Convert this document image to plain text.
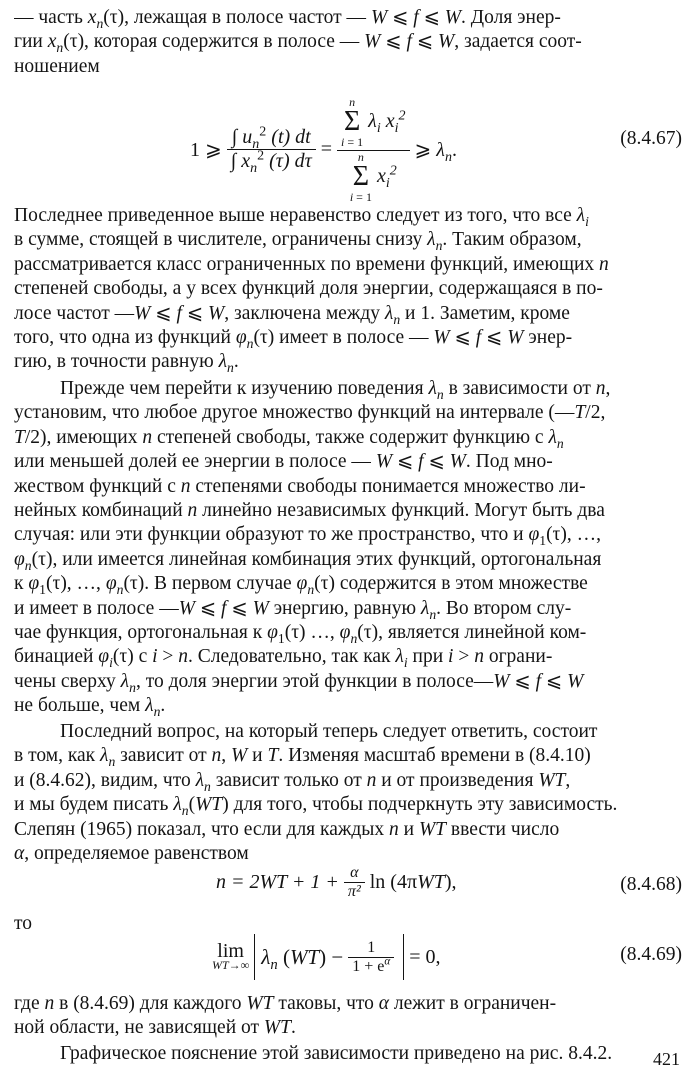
— часть $x_n(\tau)$, лежащая в полосе частот — W ⩽ f ⩽ W. Доля энер-
гии $x_n(\tau)$, которая содержится в полосе — W ⩽ f ⩽ W, задается соот-
ношением

1 ⩾ $\frac{\int u_n^2 (t) dt}{\int x_n^2 (\tau) d\tau}$ =
n
Σ
i = 1 $\lambda_i$ $x_i^2$
n
Σ
i = 1 $x_i^2$
⩾ $\lambda_n$.
(8.4.67)

Последнее приведенное выше неравенство следует из того, что все $\lambda_i$
в сумме, стоящей в числителе, ограничены снизу $\lambda_n$. Таким образом,
рассматривается класс ограниченных по времени функций, имеющих n
степеней свободы, а у всех функций доля энергии, содержащаяся в по-
лосе частот —W ⩽ f ⩽ W, заключена между $\lambda_n$ и 1. Заметим, кроме
того, что одна из функций $\varphi_n(\tau)$ имеет в полосе — W ⩽ f ⩽ W энер-
гию, в точности равную $\lambda_n$.

Прежде чем перейти к изучению поведения $\lambda_n$ в зависимости от n,
установим, что любое другое множество функций на интервале (—T/2,
T/2), имеющих n степеней свободы, также содержит функцию с $\lambda_n$
или меньшей долей ее энергии в полосе — W ⩽ f ⩽ W. Под мно-
жеством функций с n степенями свободы понимается множество ли-
нейных комбинаций n линейно независимых функций. Могут быть два
случая: или эти функции образуют то же пространство, что и $\varphi_1(\tau)$, …,
$\varphi_n(\tau)$, или имеется линейная комбинация этих функций, ортогональная
к $\varphi_1(\tau)$, …, $\varphi_n(\tau)$. В первом случае $\varphi_n(\tau)$ содержится в этом множестве
и имеет в полосе —W ⩽ f ⩽ W энергию, равную $\lambda_n$. Во втором слу-
чае функция, ортогональная к $\varphi_1(\tau)$ …, $\varphi_n(\tau)$, является линейной ком-
бинацией $\varphi_i(\tau)$ с i > n. Следовательно, так как $\lambda_i$ при i > n ограни-
чены сверху $\lambda_n$, то доля энергии этой функции в полосе—W ⩽ f ⩽ W
не больше, чем $\lambda_n$.

Последний вопрос, на который теперь следует ответить, состоит
в том, как $\lambda_n$ зависит от n, W и T. Изменяя масштаб времени в (8.4.10)
и (8.4.62), видим, что $\lambda_n$ зависит только от n и от произведения WT,
и мы будем писать $\lambda_n(WT)$ для того, чтобы подчеркнуть эту зависимость.
Слепян (1965) показал, что если для каждых n и WT ввести число
α, определяемое равенством

$n = 2WT + 1 + \frac{\alpha}{\text{π²}}$ ln (4πWT),	(8.4.68)

то

lim
WT→∞ $\lambda_n$ $(WT) - \frac{1}{1 + e^\alpha} = 0$,	(8.4.69)

где n в (8.4.69) для каждого WT таковы, что α лежит в ограничен-
ной области, не зависящей от WT.

Графическое пояснение этой зависимости приведено на рис. 8.4.2.	421
